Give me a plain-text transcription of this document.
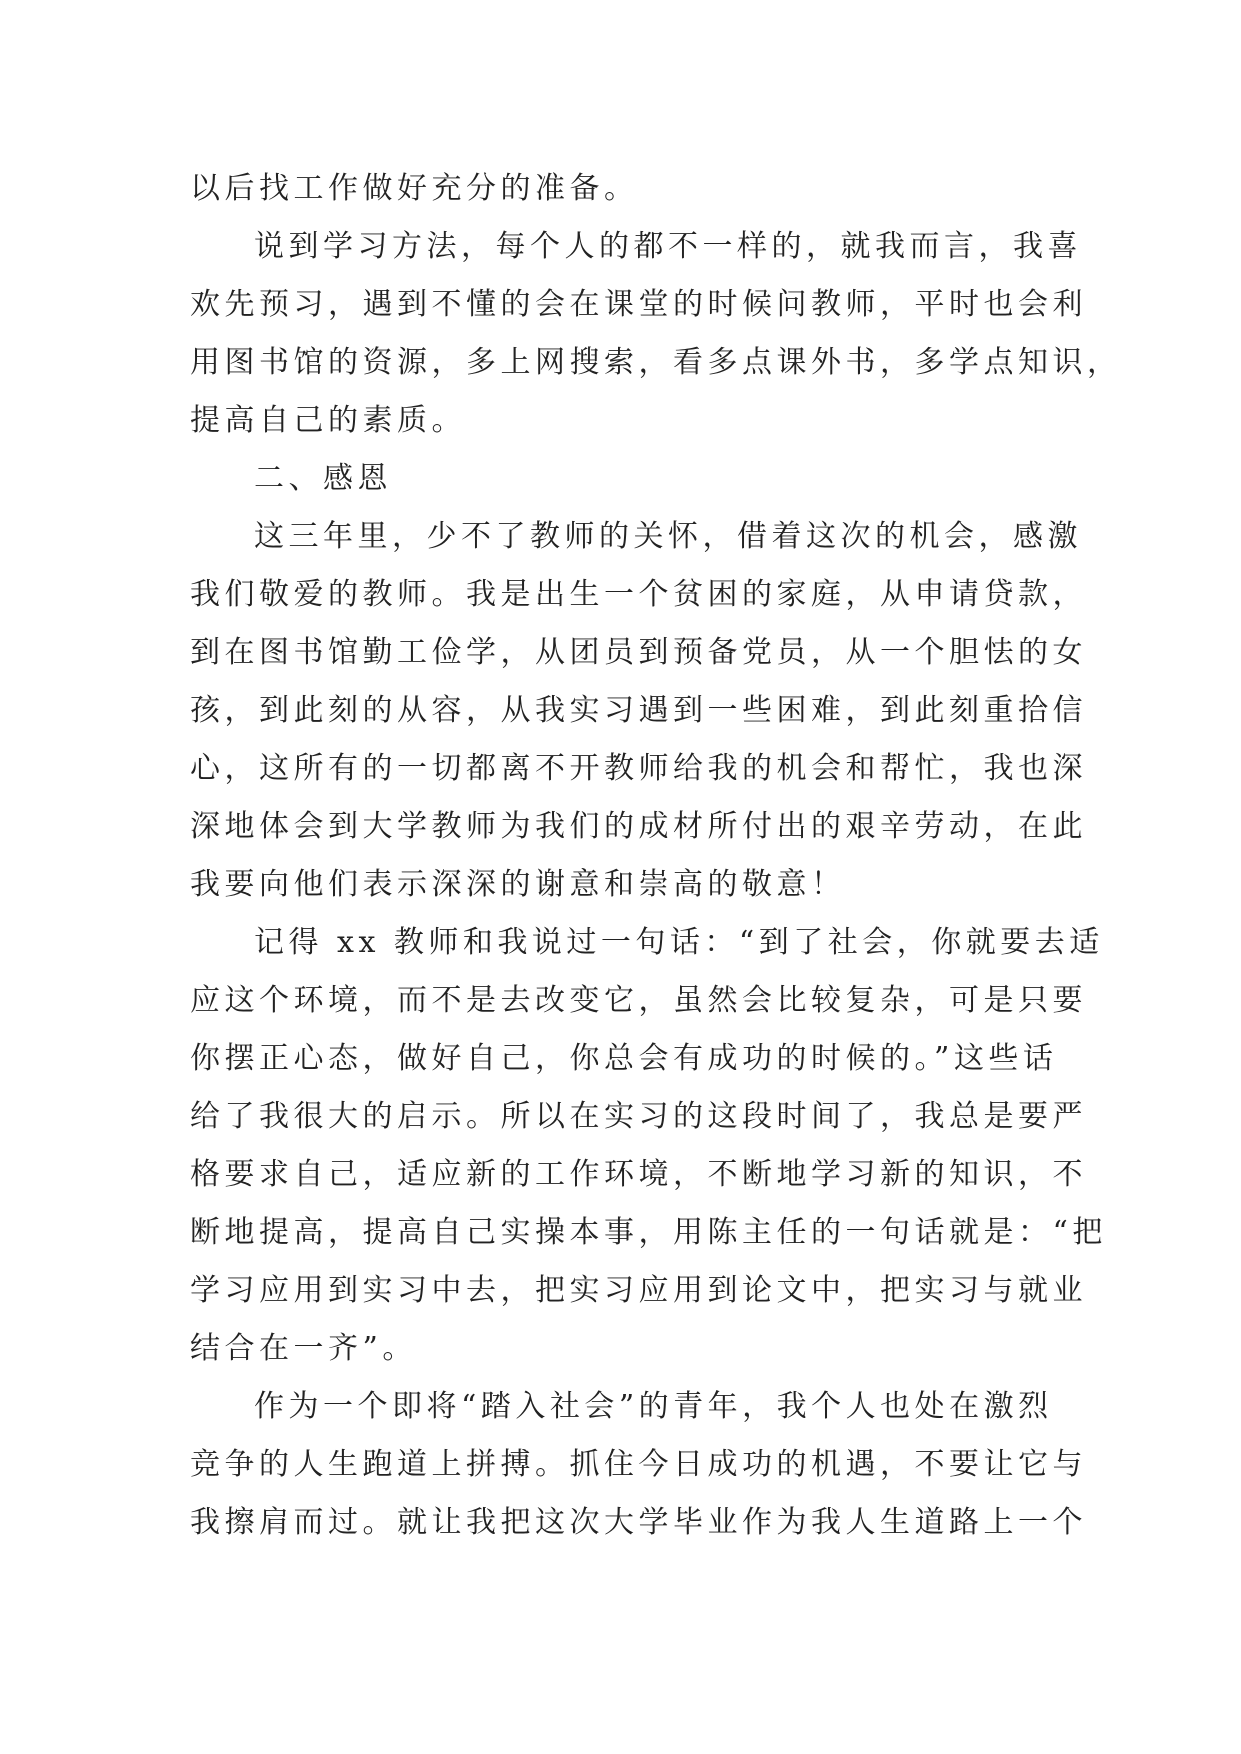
以后找工作做好充分的准备。
说到学习方法，每个人的都不一样的，就我而言，我喜
欢先预习，遇到不懂的会在课堂的时候问教师，平时也会利
用图书馆的资源，多上网搜索，看多点课外书，多学点知识，
提高自己的素质。
二、感恩
这三年里，少不了教师的关怀，借着这次的机会，感激
我们敬爱的教师。我是出生一个贫困的家庭，从申请贷款，
到在图书馆勤工俭学，从团员到预备党员，从一个胆怯的女
孩，到此刻的从容，从我实习遇到一些困难，到此刻重拾信
心，这所有的一切都离不开教师给我的机会和帮忙，我也深
深地体会到大学教师为我们的成材所付出的艰辛劳动，在此
我要向他们表示深深的谢意和崇高的敬意！
记得 xx 教师和我说过一句话：“到了社会，你就要去适
应这个环境，而不是去改变它，虽然会比较复杂，可是只要
你摆正心态，做好自己，你总会有成功的时候的。”这些话
给了我很大的启示。所以在实习的这段时间了，我总是要严
格要求自己，适应新的工作环境，不断地学习新的知识，不
断地提高，提高自己实操本事，用陈主任的一句话就是：“把
学习应用到实习中去，把实习应用到论文中，把实习与就业
结合在一齐”。
作为一个即将“踏入社会”的青年，我个人也处在激烈
竞争的人生跑道上拼搏。抓住今日成功的机遇，不要让它与
我擦肩而过。就让我把这次大学毕业作为我人生道路上一个
